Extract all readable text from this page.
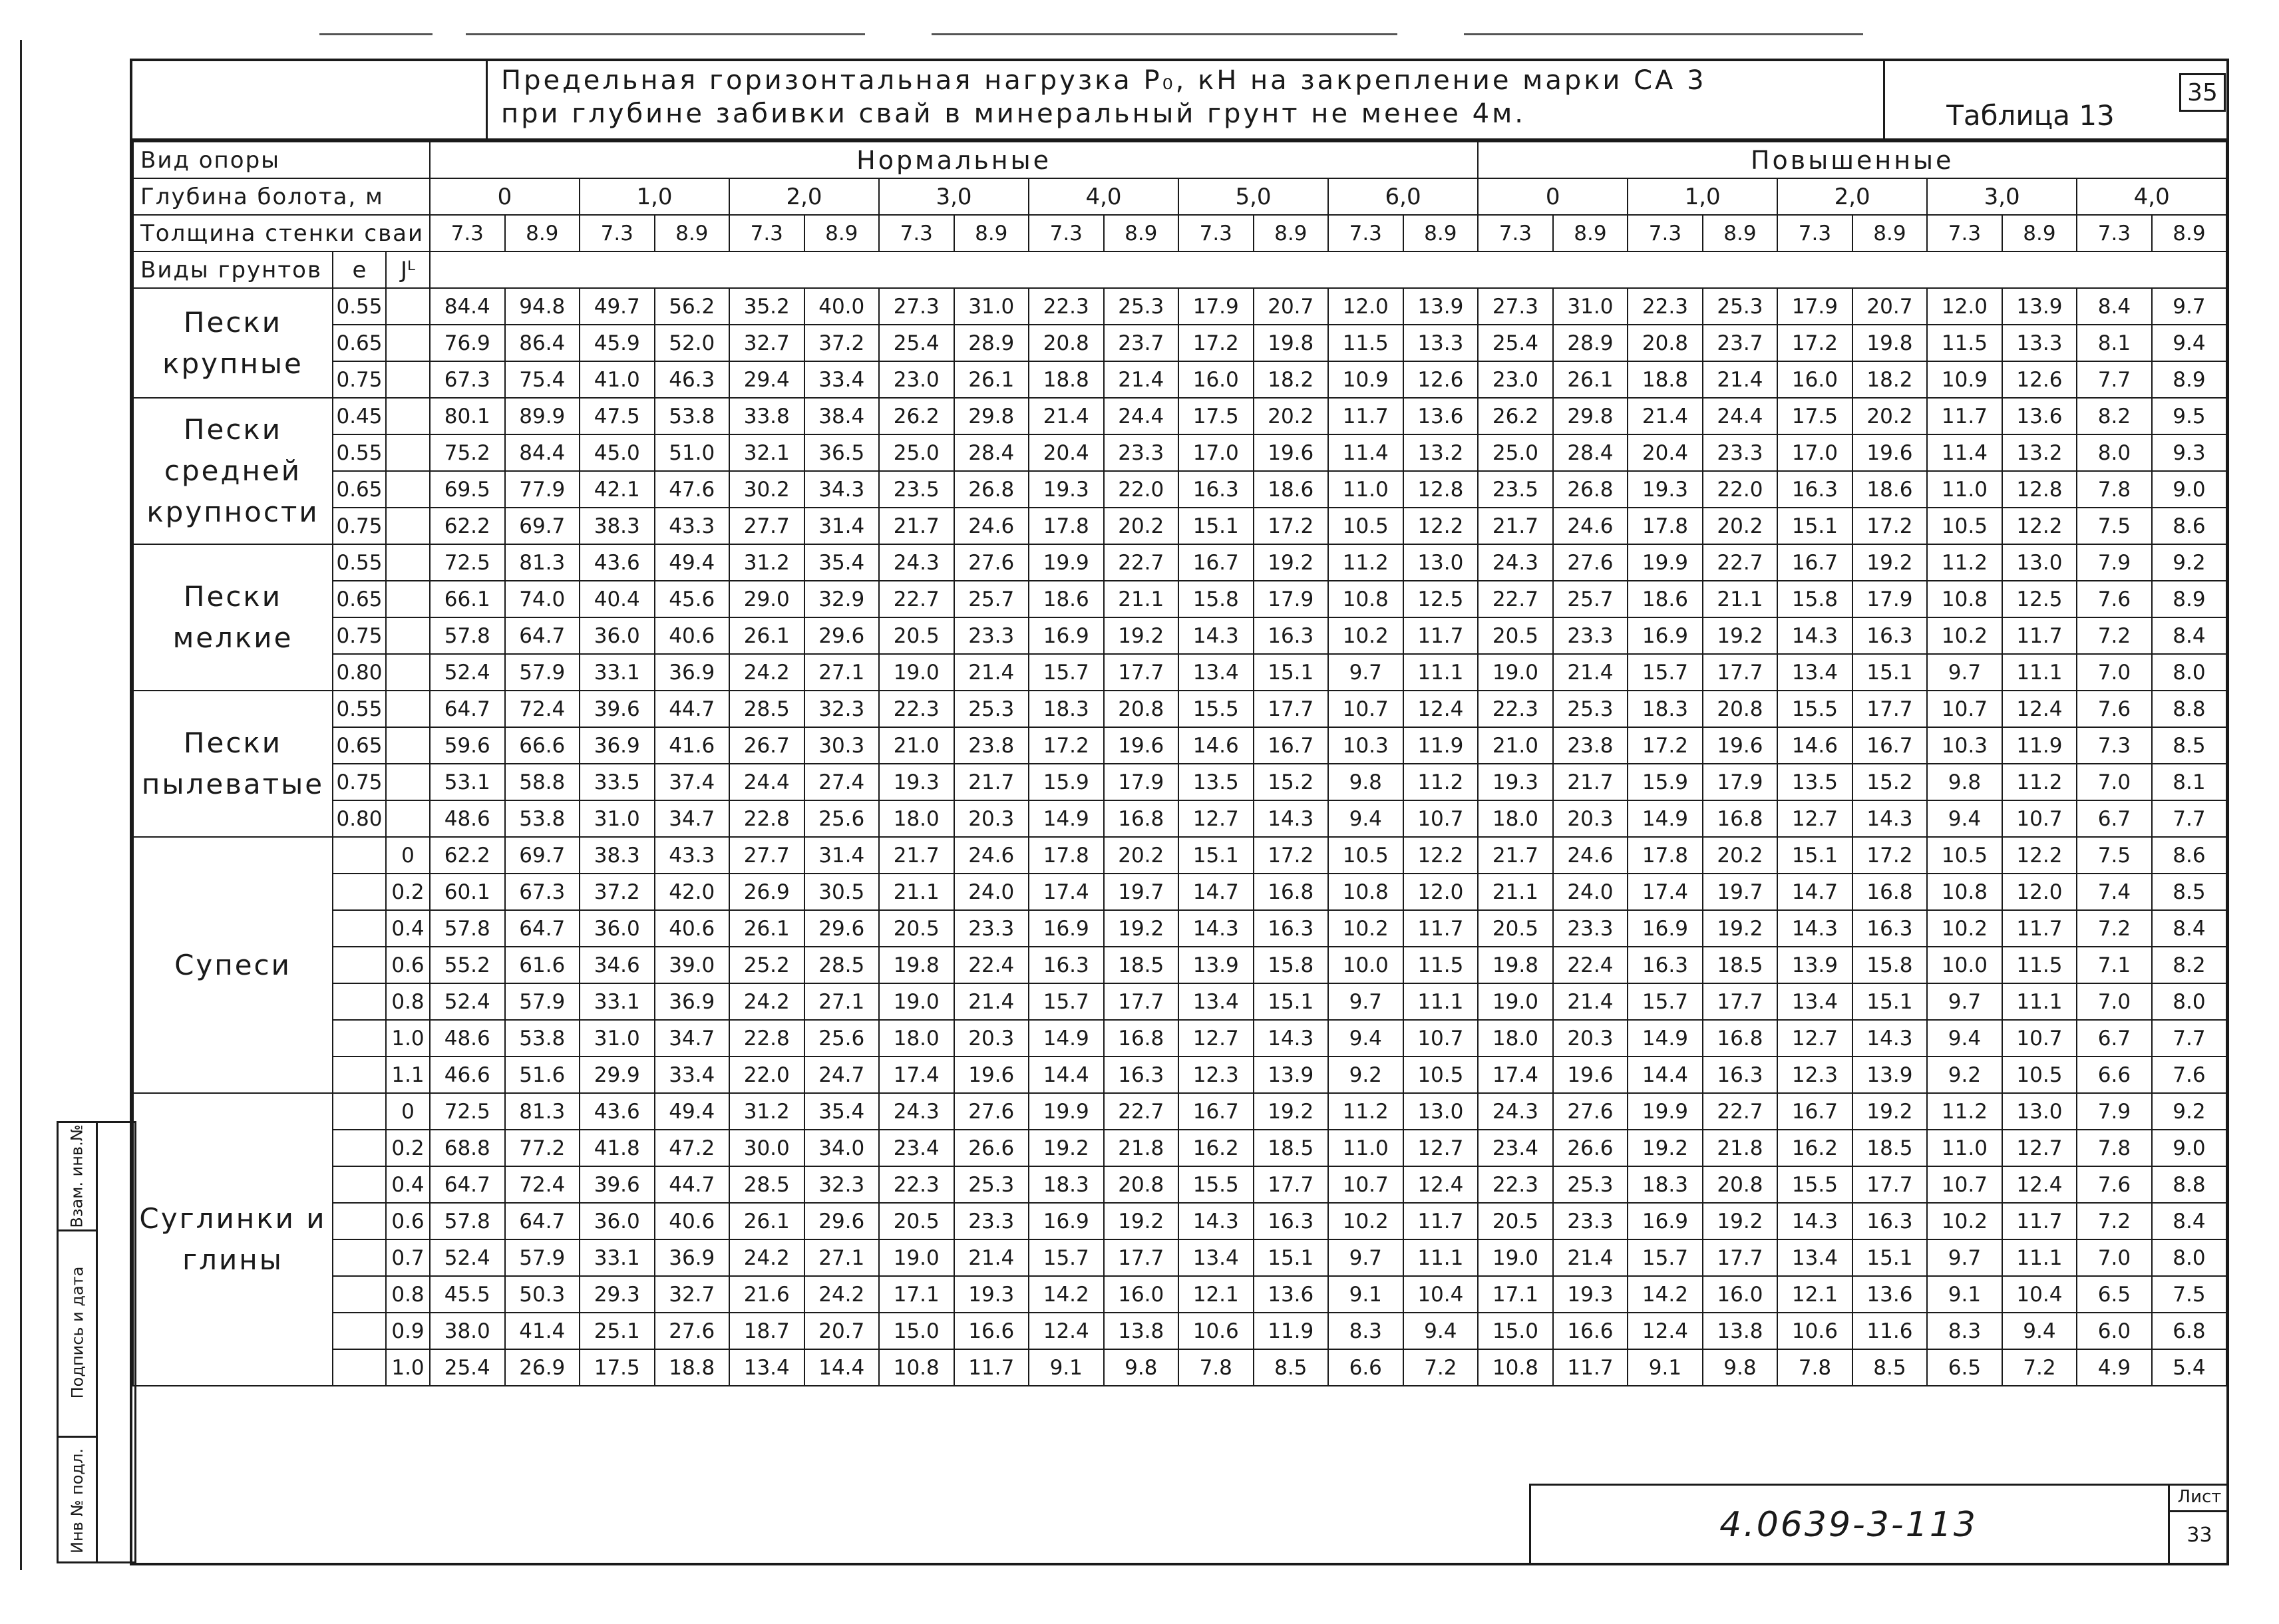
Предельная горизонтальная нагрузка P₀, кН на закрепление марки СА 3
при глубине забивки свай в минеральный грунт не менее 4м.	Таблица 13
35
Вид опоры			Нормальные														Повышенные									
Глубина болота, м			0		1,0		2,0		3,0		4,0		5,0		6,0		0		1,0		2,0		3,0		4,0	
Толщина стенки сваи			7.3	8.9	7.3	8.9	7.3	8.9	7.3	8.9	7.3	8.9	7.3	8.9	7.3	8.9	7.3	8.9	7.3	8.9	7.3	8.9	7.3	8.9	7.3	8.9
Виды грунтов	е	Jᴸ																								
Пески крупные	0.55		84.4	94.8	49.7	56.2	35.2	40.0	27.3	31.0	22.3	25.3	17.9	20.7	12.0	13.9	27.3	31.0	22.3	25.3	17.9	20.7	12.0	13.9	8.4	9.7
	0.65		76.9	86.4	45.9	52.0	32.7	37.2	25.4	28.9	20.8	23.7	17.2	19.8	11.5	13.3	25.4	28.9	20.8	23.7	17.2	19.8	11.5	13.3	8.1	9.4
	0.75		67.3	75.4	41.0	46.3	29.4	33.4	23.0	26.1	18.8	21.4	16.0	18.2	10.9	12.6	23.0	26.1	18.8	21.4	16.0	18.2	10.9	12.6	7.7	8.9
Пески средней крупности	0.45		80.1	89.9	47.5	53.8	33.8	38.4	26.2	29.8	21.4	24.4	17.5	20.2	11.7	13.6	26.2	29.8	21.4	24.4	17.5	20.2	11.7	13.6	8.2	9.5
	0.55		75.2	84.4	45.0	51.0	32.1	36.5	25.0	28.4	20.4	23.3	17.0	19.6	11.4	13.2	25.0	28.4	20.4	23.3	17.0	19.6	11.4	13.2	8.0	9.3
	0.65		69.5	77.9	42.1	47.6	30.2	34.3	23.5	26.8	19.3	22.0	16.3	18.6	11.0	12.8	23.5	26.8	19.3	22.0	16.3	18.6	11.0	12.8	7.8	9.0
	0.75		62.2	69.7	38.3	43.3	27.7	31.4	21.7	24.6	17.8	20.2	15.1	17.2	10.5	12.2	21.7	24.6	17.8	20.2	15.1	17.2	10.5	12.2	7.5	8.6
Пески мелкие	0.55		72.5	81.3	43.6	49.4	31.2	35.4	24.3	27.6	19.9	22.7	16.7	19.2	11.2	13.0	24.3	27.6	19.9	22.7	16.7	19.2	11.2	13.0	7.9	9.2
	0.65		66.1	74.0	40.4	45.6	29.0	32.9	22.7	25.7	18.6	21.1	15.8	17.9	10.8	12.5	22.7	25.7	18.6	21.1	15.8	17.9	10.8	12.5	7.6	8.9
	0.75		57.8	64.7	36.0	40.6	26.1	29.6	20.5	23.3	16.9	19.2	14.3	16.3	10.2	11.7	20.5	23.3	16.9	19.2	14.3	16.3	10.2	11.7	7.2	8.4
	0.80		52.4	57.9	33.1	36.9	24.2	27.1	19.0	21.4	15.7	17.7	13.4	15.1	9.7	11.1	19.0	21.4	15.7	17.7	13.4	15.1	9.7	11.1	7.0	8.0
Пески пылеватые	0.55		64.7	72.4	39.6	44.7	28.5	32.3	22.3	25.3	18.3	20.8	15.5	17.7	10.7	12.4	22.3	25.3	18.3	20.8	15.5	17.7	10.7	12.4	7.6	8.8
	0.65		59.6	66.6	36.9	41.6	26.7	30.3	21.0	23.8	17.2	19.6	14.6	16.7	10.3	11.9	21.0	23.8	17.2	19.6	14.6	16.7	10.3	11.9	7.3	8.5
	0.75		53.1	58.8	33.5	37.4	24.4	27.4	19.3	21.7	15.9	17.9	13.5	15.2	9.8	11.2	19.3	21.7	15.9	17.9	13.5	15.2	9.8	11.2	7.0	8.1
	0.80		48.6	53.8	31.0	34.7	22.8	25.6	18.0	20.3	14.9	16.8	12.7	14.3	9.4	10.7	18.0	20.3	14.9	16.8	12.7	14.3	9.4	10.7	6.7	7.7
Супеси		0	62.2	69.7	38.3	43.3	27.7	31.4	21.7	24.6	17.8	20.2	15.1	17.2	10.5	12.2	21.7	24.6	17.8	20.2	15.1	17.2	10.5	12.2	7.5	8.6
		0.2	60.1	67.3	37.2	42.0	26.9	30.5	21.1	24.0	17.4	19.7	14.7	16.8	10.8	12.0	21.1	24.0	17.4	19.7	14.7	16.8	10.8	12.0	7.4	8.5
		0.4	57.8	64.7	36.0	40.6	26.1	29.6	20.5	23.3	16.9	19.2	14.3	16.3	10.2	11.7	20.5	23.3	16.9	19.2	14.3	16.3	10.2	11.7	7.2	8.4
		0.6	55.2	61.6	34.6	39.0	25.2	28.5	19.8	22.4	16.3	18.5	13.9	15.8	10.0	11.5	19.8	22.4	16.3	18.5	13.9	15.8	10.0	11.5	7.1	8.2
		0.8	52.4	57.9	33.1	36.9	24.2	27.1	19.0	21.4	15.7	17.7	13.4	15.1	9.7	11.1	19.0	21.4	15.7	17.7	13.4	15.1	9.7	11.1	7.0	8.0
		1.0	48.6	53.8	31.0	34.7	22.8	25.6	18.0	20.3	14.9	16.8	12.7	14.3	9.4	10.7	18.0	20.3	14.9	16.8	12.7	14.3	9.4	10.7	6.7	7.7
		1.1	46.6	51.6	29.9	33.4	22.0	24.7	17.4	19.6	14.4	16.3	12.3	13.9	9.2	10.5	17.4	19.6	14.4	16.3	12.3	13.9	9.2	10.5	6.6	7.6
Суглинки и глины		0	72.5	81.3	43.6	49.4	31.2	35.4	24.3	27.6	19.9	22.7	16.7	19.2	11.2	13.0	24.3	27.6	19.9	22.7	16.7	19.2	11.2	13.0	7.9	9.2
		0.2	68.8	77.2	41.8	47.2	30.0	34.0	23.4	26.6	19.2	21.8	16.2	18.5	11.0	12.7	23.4	26.6	19.2	21.8	16.2	18.5	11.0	12.7	7.8	9.0
		0.4	64.7	72.4	39.6	44.7	28.5	32.3	22.3	25.3	18.3	20.8	15.5	17.7	10.7	12.4	22.3	25.3	18.3	20.8	15.5	17.7	10.7	12.4	7.6	8.8
		0.6	57.8	64.7	36.0	40.6	26.1	29.6	20.5	23.3	16.9	19.2	14.3	16.3	10.2	11.7	20.5	23.3	16.9	19.2	14.3	16.3	10.2	11.7	7.2	8.4
		0.7	52.4	57.9	33.1	36.9	24.2	27.1	19.0	21.4	15.7	17.7	13.4	15.1	9.7	11.1	19.0	21.4	15.7	17.7	13.4	15.1	9.7	11.1	7.0	8.0
		0.8	45.5	50.3	29.3	32.7	21.6	24.2	17.1	19.3	14.2	16.0	12.1	13.6	9.1	10.4	17.1	19.3	14.2	16.0	12.1	13.6	9.1	10.4	6.5	7.5
		0.9	38.0	41.4	25.1	27.6	18.7	20.7	15.0	16.6	12.4	13.8	10.6	11.9	8.3	9.4	15.0	16.6	12.4	13.8	10.6	11.6	8.3	9.4	6.0	6.8
		1.0	25.4	26.9	17.5	18.8	13.4	14.4	10.8	11.7	9.1	9.8	7.8	8.5	6.6	7.2	10.8	11.7	9.1	9.8	7.8	8.5	6.5	7.2	4.9	5.4
Взам. инв.№
Подпись и дата
Инв № подл.	4.0639-3-113
Лист
33
